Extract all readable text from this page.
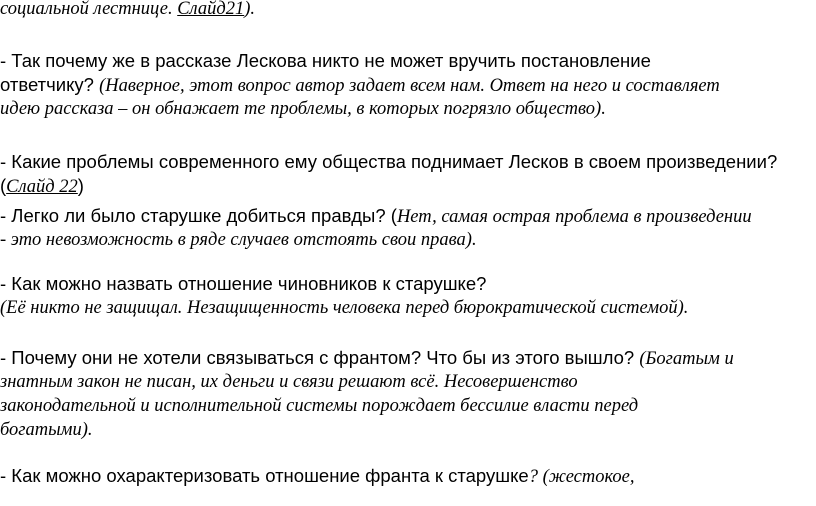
социальной лестнице. Слайд21).
- Так почему же в рассказе Лескова никто не может вручить постановление
ответчику? (Наверное, этот вопрос автор задает всем нам. Ответ на него и составляет
идею рассказа – он обнажает те проблемы, в которых погрязло общество).
- Какие проблемы современного ему общества поднимает Лесков в своем произведении?
(Слайд 22)
- Легко ли было старушке добиться правды? (Нет, самая острая проблема в произведении
- это невозможность в ряде случаев отстоять свои права).
- Как можно назвать отношение чиновников к старушке?
(Её никто не защищал. Незащищенность человека перед бюрократической системой).
- Почему они не хотели связываться с франтом? Что бы из этого вышло? (Богатым и
знатным закон не писан, их деньги и связи решают всё. Несовершенство
законодательной и исполнительной системы порождает бессилие власти перед
богатыми).
- Как можно охарактеризовать отношение франта к старушке? (жестокое,
